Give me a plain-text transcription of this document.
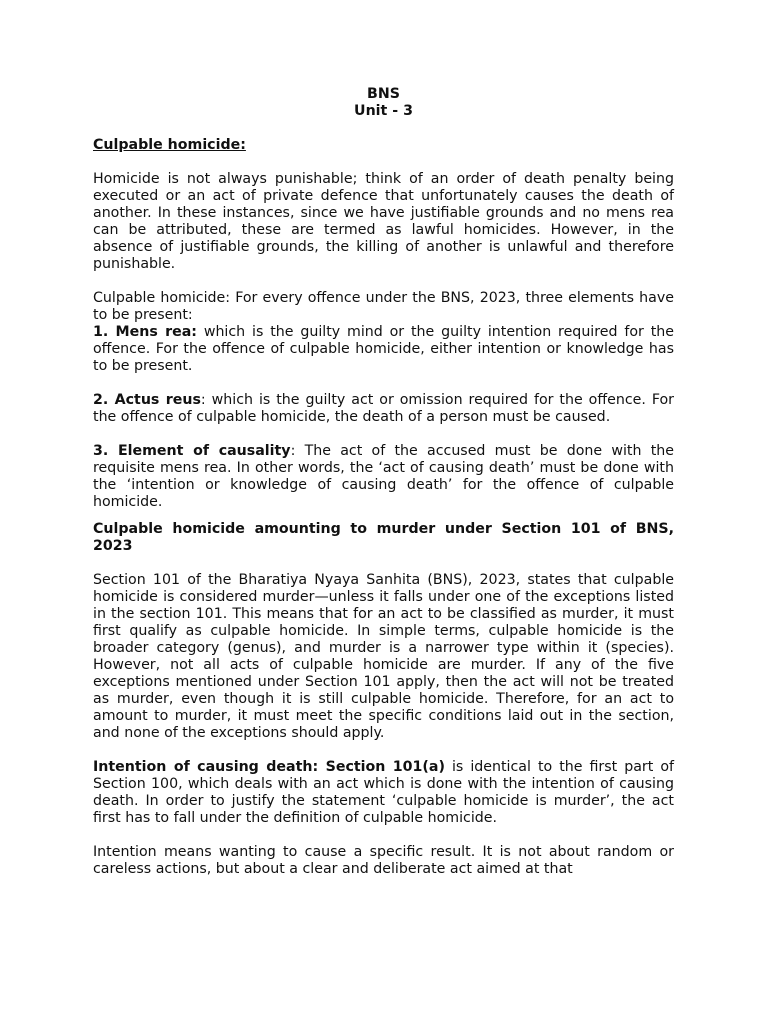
BNS
Unit - 3
Culpable homicide:

Homicide is not always punishable; think of an order of death penalty being executed or an act of private defence that unfortunately causes the death of another. In these instances, since we have justifiable grounds and no mens rea can be attributed, these are termed as lawful homicides. However, in the absence of justifiable grounds, the killing of another is unlawful and therefore punishable.

Culpable homicide: For every offence under the BNS, 2023, three elements have to be present:

1. Mens rea: which is the guilty mind or the guilty intention required for the offence. For the offence of culpable homicide, either intention or knowledge has to be present.

2. Actus reus: which is the guilty act or omission required for the offence. For the offence of culpable homicide, the death of a person must be caused.

3. Element of causality: The act of the accused must be done with the requisite mens rea. In other words, the ‘act of causing death’ must be done with the ‘intention or knowledge of causing death’ for the offence of culpable homicide.

Culpable homicide amounting to murder under Section 101 of BNS, 2023

Section 101 of the Bharatiya Nyaya Sanhita (BNS), 2023, states that culpable homicide is considered murder—unless it falls under one of the exceptions listed in the section 101. This means that for an act to be classified as murder, it must first qualify as culpable homicide. In simple terms, culpable homicide is the broader category (genus), and murder is a narrower type within it (species). However, not all acts of culpable homicide are murder. If any of the five exceptions mentioned under Section 101 apply, then the act will not be treated as murder, even though it is still culpable homicide. Therefore, for an act to amount to murder, it must meet the specific conditions laid out in the section, and none of the exceptions should apply.

Intention of causing death: Section 101(a) is identical to the first part of Section 100, which deals with an act which is done with the intention of causing death. In order to justify the statement ‘culpable homicide is murder’, the act first has to fall under the definition of culpable homicide.

Intention means wanting to cause a specific result. It is not about random or careless actions, but about a clear and deliberate act aimed at that
